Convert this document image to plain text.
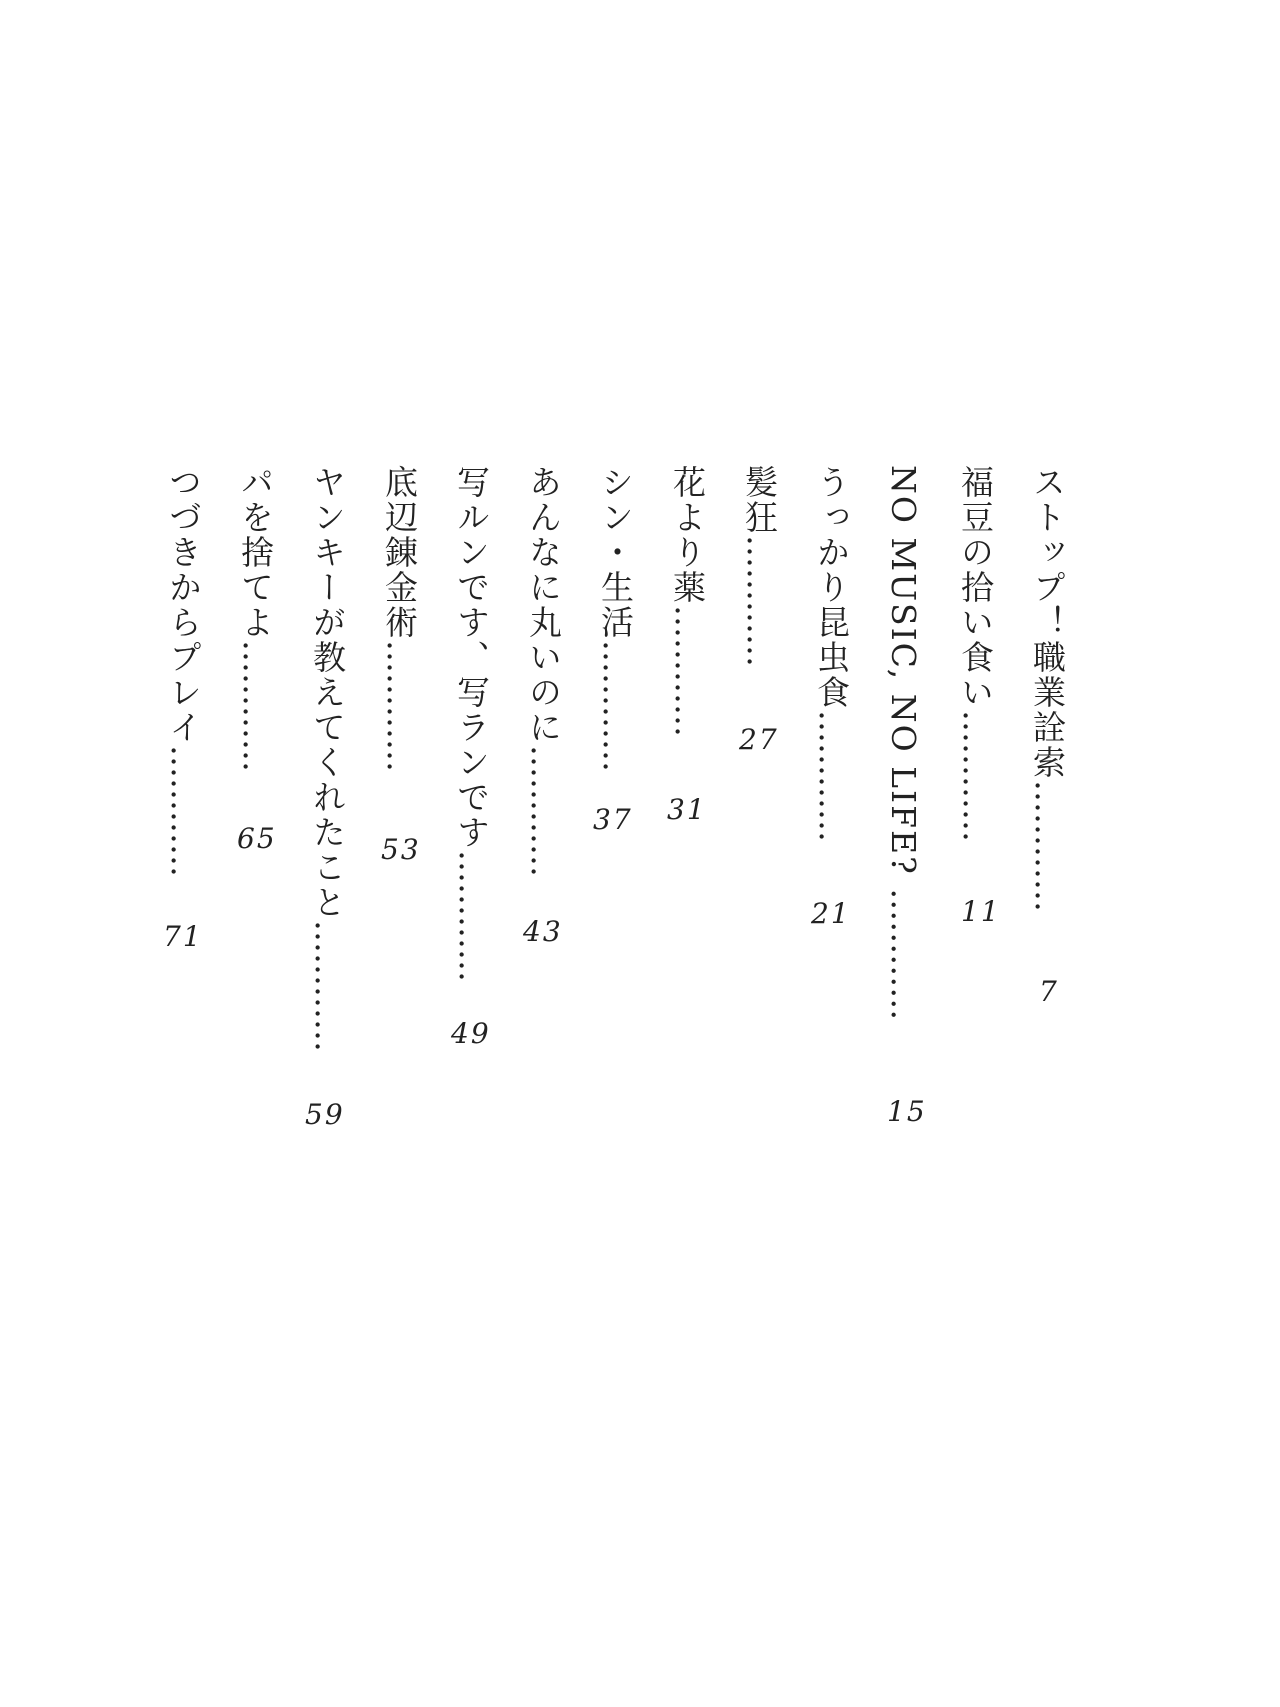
ストップ！職業詮索…………
7
福豆の拾い食い…………
11
NO MUSIC, NO LIFE? …………
15
うっかり昆虫食…………
21
髪狂…………
27
花より薬…………
31
シン・生活…………
37
あんなに丸いのに…………
43
写ルンです、写ランです…………
49
底辺錬金術…………
53
ヤンキーが教えてくれたこと…………
59
パを捨てよ…………
65
つづきからプレイ…………
71
